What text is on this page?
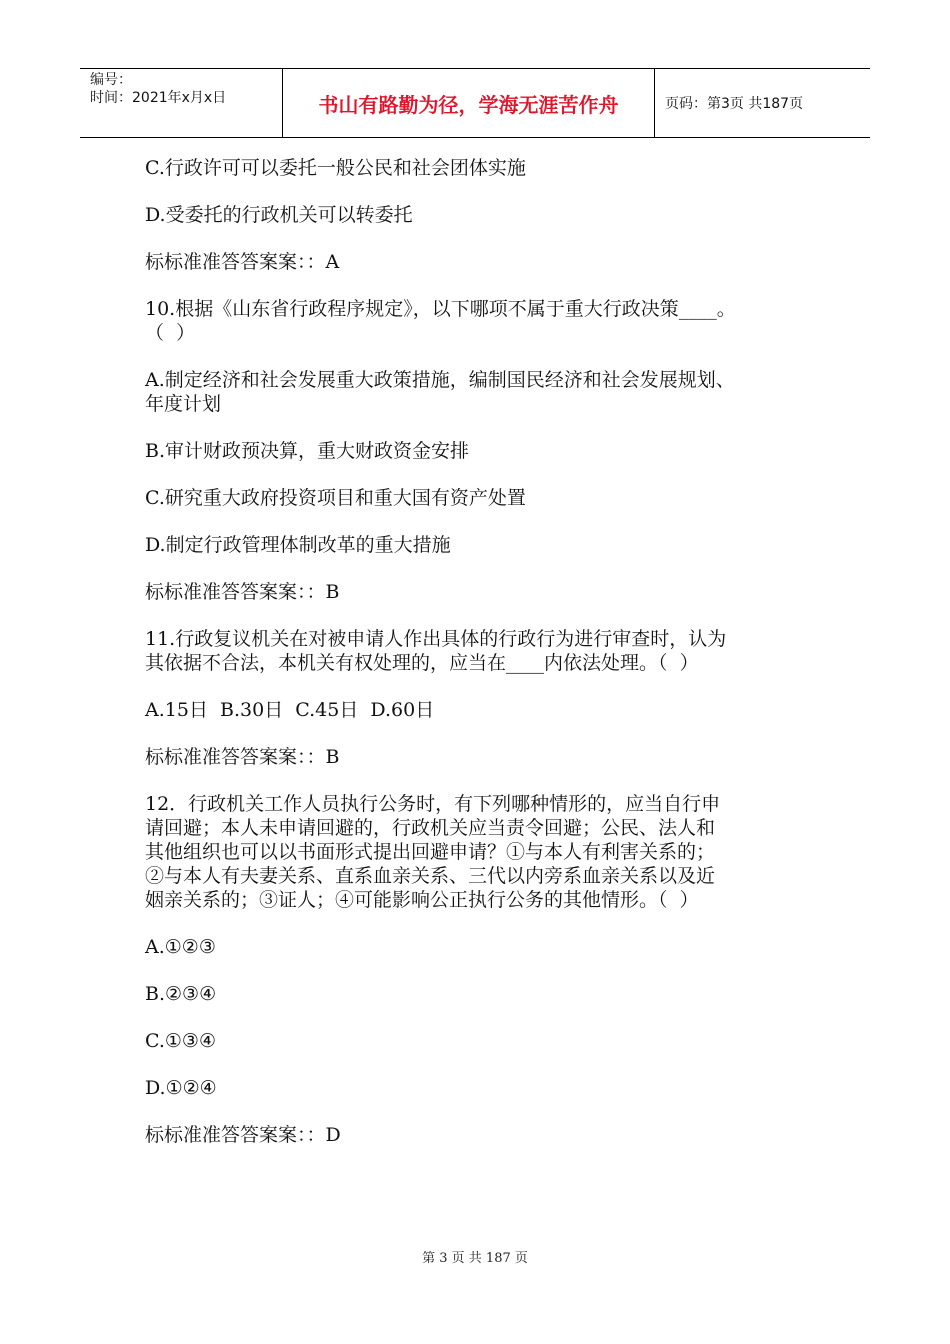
编号：
时间：2021年x月x日	书山有路勤为径，学海无涯苦作舟	页码：第3页 共187页

C.行政许可可以委托一般公民和社会团体实施

D.受委托的行政机关可以转委托

标标准准答答案案：：A

10.根据《山东省行政程序规定》，以下哪项不属于重大行政决策____。
（  ）

A.制定经济和社会发展重大政策措施，编制国民经济和社会发展规划、
年度计划

B.审计财政预决算，重大财政资金安排

C.研究重大政府投资项目和重大国有资产处置

D.制定行政管理体制改革的重大措施

标标准准答答案案：：B

11.行政复议机关在对被申请人作出具体的行政行为进行审查时，认为
其依据不合法，本机关有权处理的，应当在____内依法处理。（  ）

A.15日  B.30日  C.45日  D.60日

标标准准答答案案：：B

12．行政机关工作人员执行公务时，有下列哪种情形的，应当自行申
请回避；本人未申请回避的，行政机关应当责令回避；公民、法人和
其他组织也可以以书面形式提出回避申请？①与本人有利害关系的；
②与本人有夫妻关系、直系血亲关系、三代以内旁系血亲关系以及近
姻亲关系的；③证人；④可能影响公正执行公务的其他情形。（  ）

A.①②③

B.②③④

C.①③④

D.①②④

标标准准答答案案：：D

第 3 页 共 187 页
